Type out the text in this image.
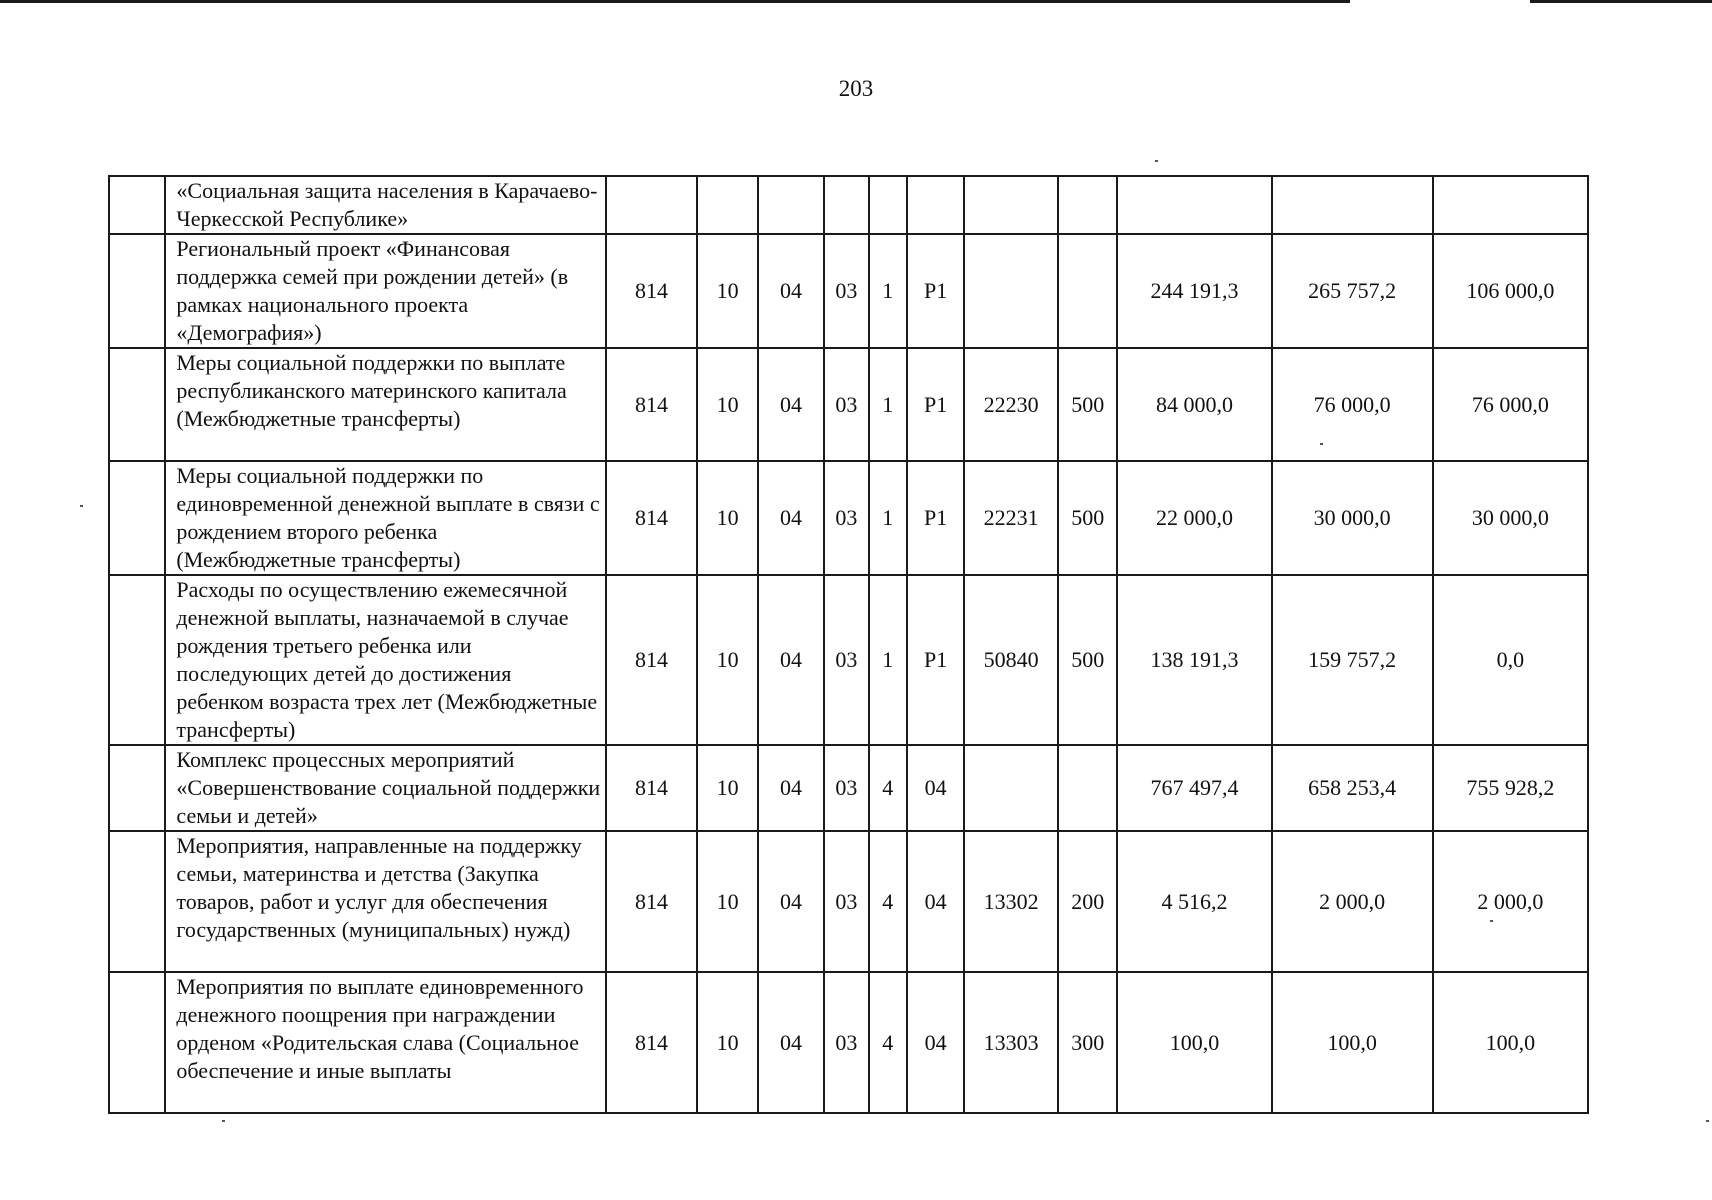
203
	«Социальная защита населения в Карачаево-Черкесской Республике»											
	Региональный проект «Финансовая поддержка семей при рождении детей» (в рамках национального проекта «Демография»)	814	10	04	03	1	P1			244 191,3	265 757,2	106 000,0
	Меры социальной поддержки по выплате республиканского материнского капитала (Межбюджетные трансферты)	814	10	04	03	1	P1	22230	500	84 000,0	76 000,0	76 000,0
	Меры социальной поддержки по единовременной денежной выплате в связи с рождением второго ребенка (Межбюджетные трансферты)	814	10	04	03	1	P1	22231	500	22 000,0	30 000,0	30 000,0
	Расходы по осуществлению ежемесячной денежной выплаты, назначаемой в случае рождения третьего ребенка или последующих детей до достижения ребенком возраста трех лет (Межбюджетные трансферты)	814	10	04	03	1	P1	50840	500	138 191,3	159 757,2	0,0
	Комплекс процессных мероприятий «Совершенствование социальной поддержки семьи и детей»	814	10	04	03	4	04			767 497,4	658 253,4	755 928,2
	Мероприятия, направленные на поддержку семьи, материнства и детства (Закупка товаров, работ и услуг для обеспечения государственных (муниципальных) нужд)	814	10	04	03	4	04	13302	200	4 516,2	2 000,0	2 000,0
	Мероприятия по выплате единовременного денежного поощрения при награждении орденом «Родительская слава (Социальное обеспечение и иные выплаты	814	10	04	03	4	04	13303	300	100,0	100,0	100,0
